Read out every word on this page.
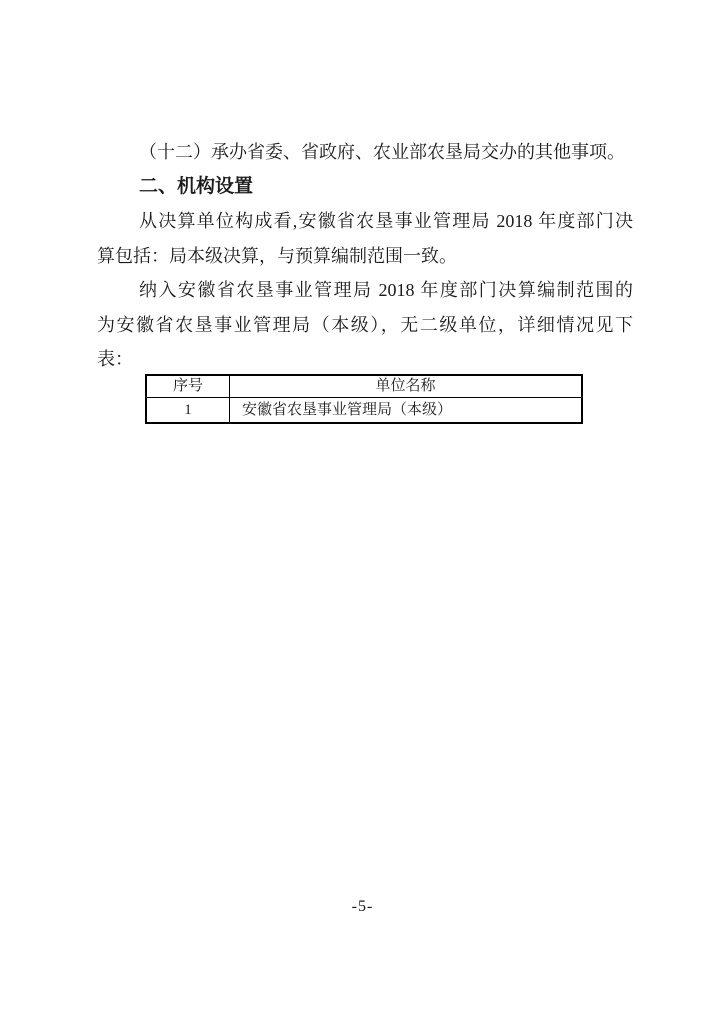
（十二）承办省委、省政府、农业部农垦局交办的其他事项。

二、机构设置

从决算单位构成看,安徽省农垦事业管理局 2018 年度部门决

算包括：局本级决算，与预算编制范围一致。

纳入安徽省农垦事业管理局 2018 年度部门决算编制范围的

为安徽省农垦事业管理局（本级），无二级单位，详细情况见下

表：

序号	单位名称
1	安徽省农垦事业管理局（本级）
-5-
